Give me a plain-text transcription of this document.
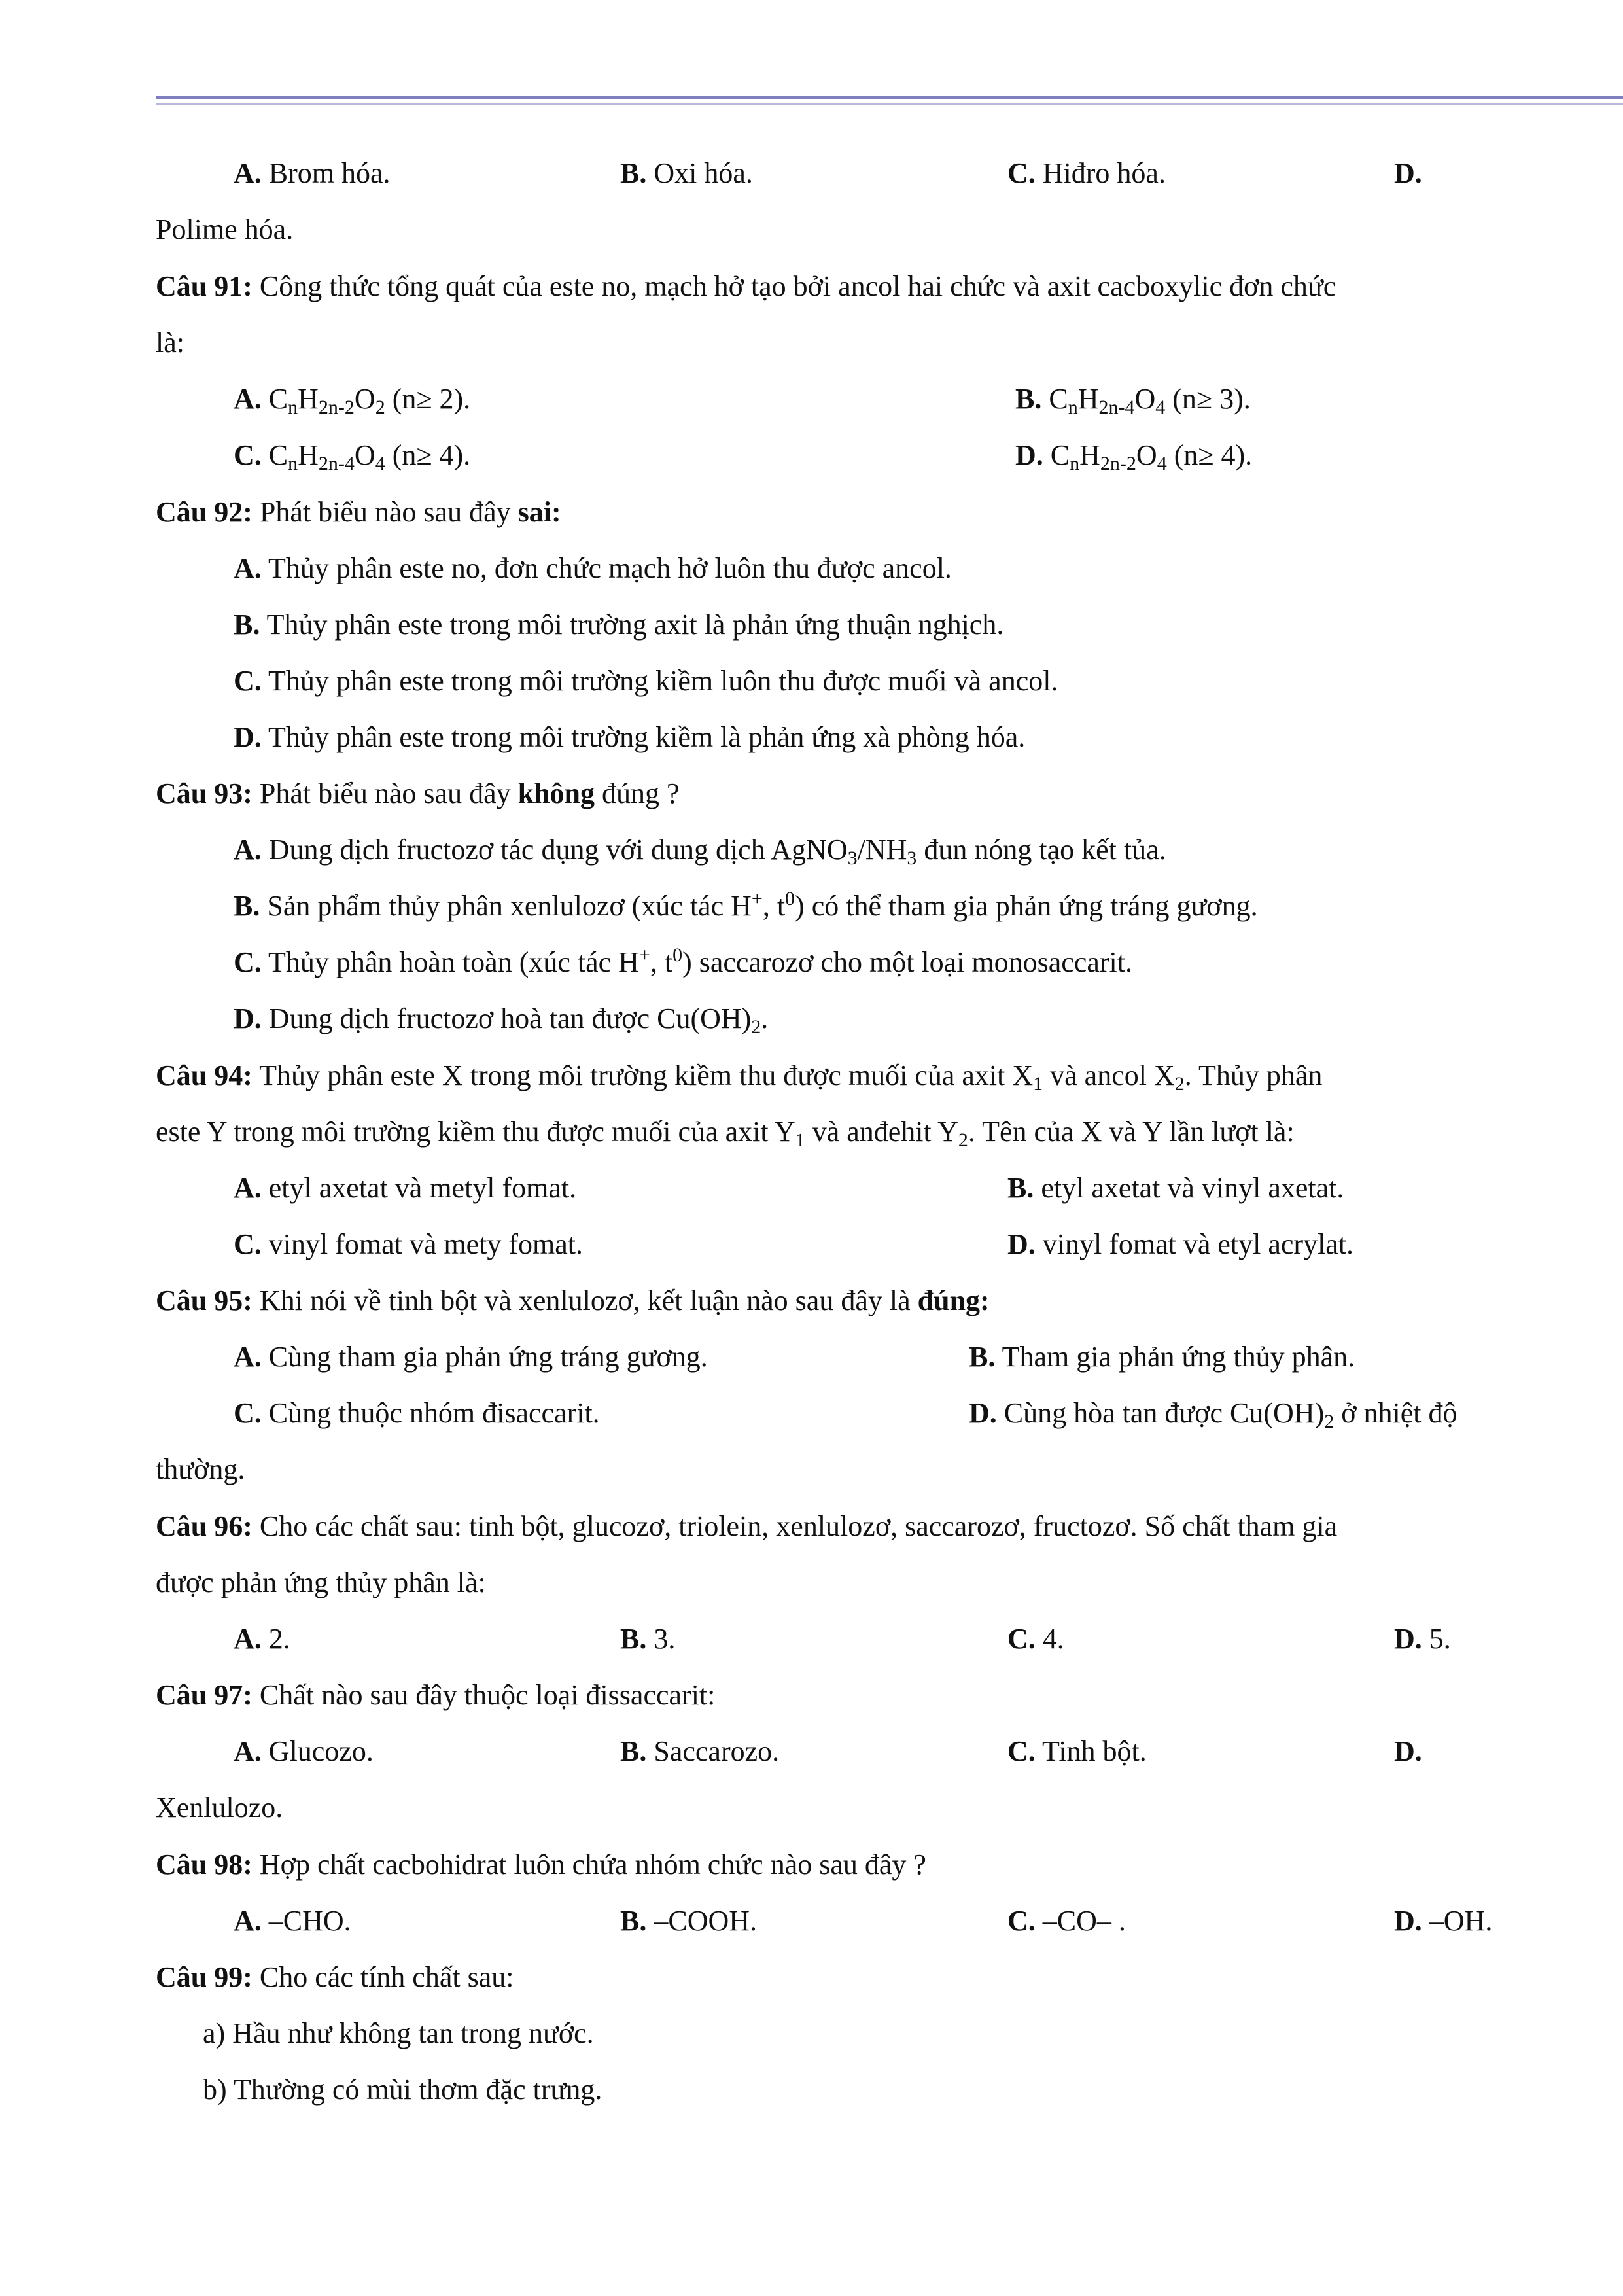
A. Brom hóa.	B. Oxi hóa.	C. Hiđro hóa.	D.
Polime hóa.
Câu 91: Công thức tổng quát của este no, mạch hở tạo bởi ancol hai chức và axit cacboxylic đơn chức
là:
A. $C_nH_{2n-2}O_2$ (n≥ 2).	B. $C_nH_{2n-4}O_4$ (n≥ 3).
C. $C_nH_{2n-4}O_4$ (n≥ 4).	D. $C_nH_{2n-2}O_4$ (n≥ 4).
Câu 92: Phát biểu nào sau đây sai:
A. Thủy phân este no, đơn chức mạch hở luôn thu được ancol.
B. Thủy phân este trong môi trường axit là phản ứng thuận nghịch.
C. Thủy phân este trong môi trường kiềm luôn thu được muối và ancol.
D. Thủy phân este trong môi trường kiềm là phản ứng xà phòng hóa.
Câu 93: Phát biểu nào sau đây không đúng ?
A. Dung dịch fructozơ tác dụng với dung dịch $AgNO_3/NH_3$ đun nóng tạo kết tủa.
B. Sản phẩm thủy phân xenlulozơ (xúc tác H+, $t^0$) có thể tham gia phản ứng tráng gương.
C. Thủy phân hoàn toàn (xúc tác H+, $t^0$) saccarozơ cho một loại monosaccarit.
D. Dung dịch fructozơ hoà tan được $Cu(OH)_2$.
Câu 94: Thủy phân este X trong môi trường kiềm thu được muối của axit $X_1$ và ancol $X_2$. Thủy phân
este Y trong môi trường kiềm thu được muối của axit $Y_1$ và anđehit $Y_2$. Tên của X và Y lần lượt là:
A. etyl axetat và metyl fomat.	B. etyl axetat và vinyl axetat.
C. vinyl fomat và mety fomat.	D. vinyl fomat và etyl acrylat.
Câu 95: Khi nói về tinh bột và xenlulozơ, kết luận nào sau đây là đúng:
A. Cùng tham gia phản ứng tráng gương.	B. Tham gia phản ứng thủy phân.
C. Cùng thuộc nhóm đisaccarit.	D. Cùng hòa tan được $Cu(OH)_2$ ở nhiệt độ
thường.
Câu 96: Cho các chất sau: tinh bột, glucozơ, triolein, xenlulozơ, saccarozơ, fructozơ. Số chất tham gia
được phản ứng thủy phân là:
A. 2.	B. 3.	C. 4.	D. 5.
Câu 97: Chất nào sau đây thuộc loại đissaccarit:
A. Glucozo.	B. Saccarozo.	C. Tinh bột.	D.
Xenlulozo.
Câu 98: Hợp chất cacbohidrat luôn chứa nhóm chức nào sau đây ?
A. –CHO.	B. –COOH.	C. –CO– .	D. –OH.
Câu 99: Cho các tính chất sau:
a) Hầu như không tan trong nước.
b) Thường có mùi thơm đặc trưng.
